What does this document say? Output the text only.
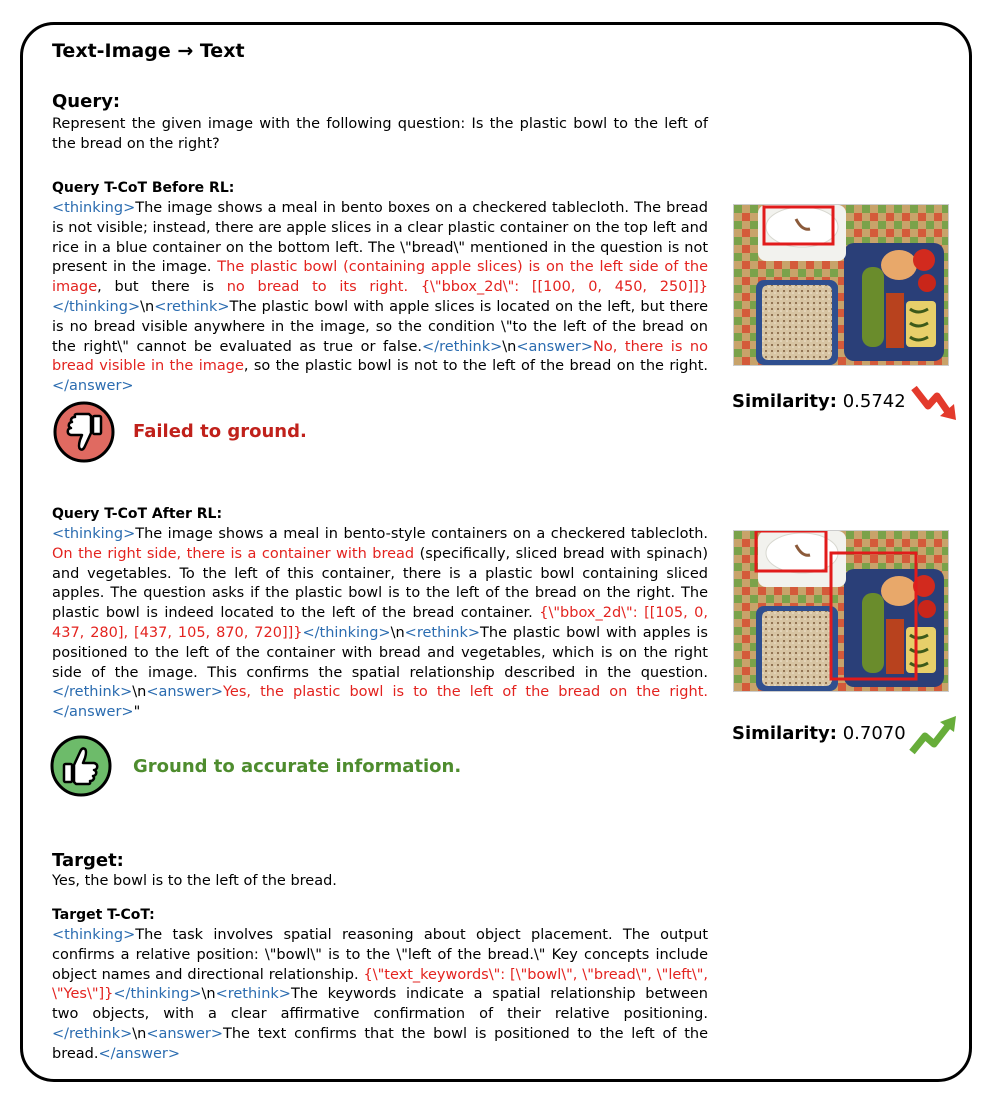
Text-Image → Text
Query:
Represent the given image with the following question: Is the plastic bowl to the left of the bread on the right?
Query T-CoT Before RL:
<thinking>The image shows a meal in bento boxes on a checkered tablecloth. The bread is not visible; instead, there are apple slices in a clear plastic container on the top left and rice in a blue container on the bottom left. The \"bread\" mentioned in the question is not present in the image. The plastic bowl (containing apple slices) is on the left side of the image, but there is no bread to its right. {\"bbox_2d\": [[100, 0, 450, 250]]}</thinking>\n<rethink>The plastic bowl with apple slices is located on the left, but there is no bread visible anywhere in the image, so the condition \"to the left of the bread on the right\" cannot be evaluated as true or false.</rethink>\n<answer>No, there is no bread visible in the image, so the plastic bowl is not to the left of the bread on the right.</answer>
Failed to ground.
Similarity: 0.5742
Query T-CoT After RL:
<thinking>The image shows a meal in bento-style containers on a checkered tablecloth. On the right side, there is a container with bread (specifically, sliced bread with spinach) and vegetables. To the left of this container, there is a plastic bowl containing sliced apples. The question asks if the plastic bowl is to the left of the bread on the right. The plastic bowl is indeed located to the left of the bread container. {\"bbox_2d\": [[105, 0, 437, 280], [437, 105, 870, 720]]}</thinking>\n<rethink>The plastic bowl with apples is positioned to the left of the container with bread and vegetables, which is on the right side of the image. This confirms the spatial relationship described in the question.</rethink>\n<answer>Yes, the plastic bowl is to the left of the bread on the right.</answer>"
Ground to accurate information.
Similarity: 0.7070
Target:
Yes, the bowl is to the left of the bread.
Target T-CoT:
<thinking>The task involves spatial reasoning about object placement. The output confirms a relative position: \"bowl\" is to the \"left of the bread.\" Key concepts include object names and directional relationship. {\"text_keywords\": [\"bowl\", \"bread\", \"left\", \"Yes\"]}</thinking>\n<rethink>The keywords indicate a spatial relationship between two objects, with a clear affirmative confirmation of their relative positioning.</rethink>\n<answer>The text confirms that the bowl is positioned to the left of the bread.</answer>
